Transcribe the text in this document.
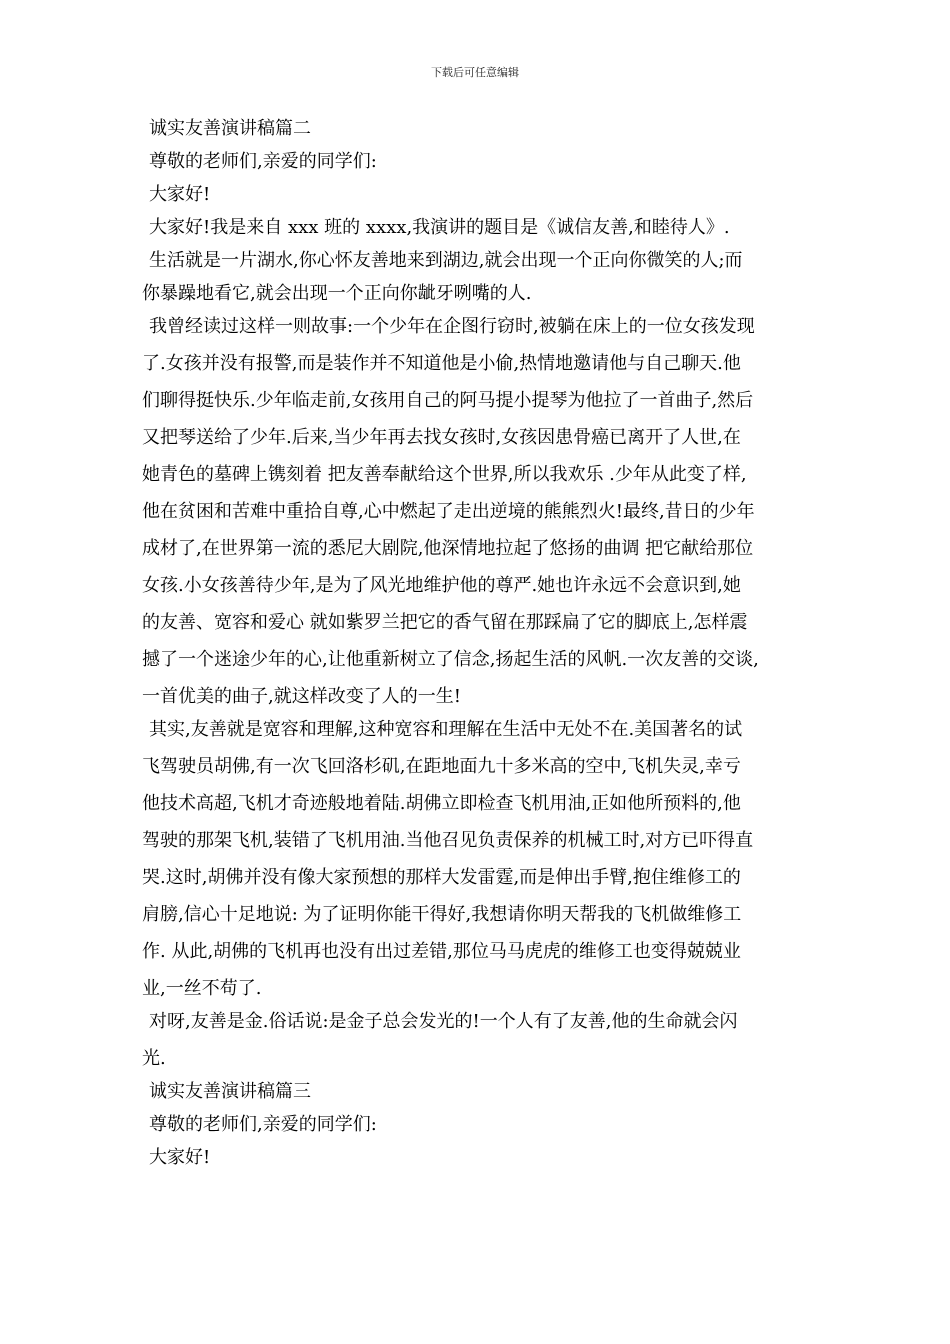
下载后可任意编辑
诚实友善演讲稿篇二
尊敬的老师们,亲爱的同学们:
大家好!
大家好!我是来自 xxx 班的 xxxx,我演讲的题目是《诚信友善,和睦待人》.
生活就是一片湖水,你心怀友善地来到湖边,就会出现一个正向你微笑的人;而
你暴躁地看它,就会出现一个正向你龇牙咧嘴的人.
我曾经读过这样一则故事:一个少年在企图行窃时,被躺在床上的一位女孩发现
了.女孩并没有报警,而是装作并不知道他是小偷,热情地邀请他与自己聊天.他
们聊得挺快乐.少年临走前,女孩用自己的阿马提小提琴为他拉了一首曲子,然后
又把琴送给了少年.后来,当少年再去找女孩时,女孩因患骨癌已离开了人世,在
她青色的墓碑上镌刻着 把友善奉献给这个世界,所以我欢乐 .少年从此变了样,
他在贫困和苦难中重拾自尊,心中燃起了走出逆境的熊熊烈火!最终,昔日的少年
成材了,在世界第一流的悉尼大剧院,他深情地拉起了悠扬的曲调 把它献给那位
女孩.小女孩善待少年,是为了风光地维护他的尊严.她也许永远不会意识到,她
的友善、宽容和爱心 就如紫罗兰把它的香气留在那踩扁了它的脚底上,怎样震
撼了一个迷途少年的心,让他重新树立了信念,扬起生活的风帆.一次友善的交谈,
一首优美的曲子,就这样改变了人的一生!
其实,友善就是宽容和理解,这种宽容和理解在生活中无处不在.美国著名的试
飞驾驶员胡佛,有一次飞回洛杉矶,在距地面九十多米高的空中,飞机失灵,幸亏
他技术高超,飞机才奇迹般地着陆.胡佛立即检查飞机用油,正如他所预料的,他
驾驶的那架飞机,装错了飞机用油.当他召见负责保养的机械工时,对方已吓得直
哭.这时,胡佛并没有像大家预想的那样大发雷霆,而是伸出手臂,抱住维修工的
肩膀,信心十足地说: 为了证明你能干得好,我想请你明天帮我的飞机做维修工
作. 从此,胡佛的飞机再也没有出过差错,那位马马虎虎的维修工也变得兢兢业
业,一丝不苟了.
对呀,友善是金.俗话说:是金子总会发光的!一个人有了友善,他的生命就会闪
光.
诚实友善演讲稿篇三
尊敬的老师们,亲爱的同学们:
大家好!
